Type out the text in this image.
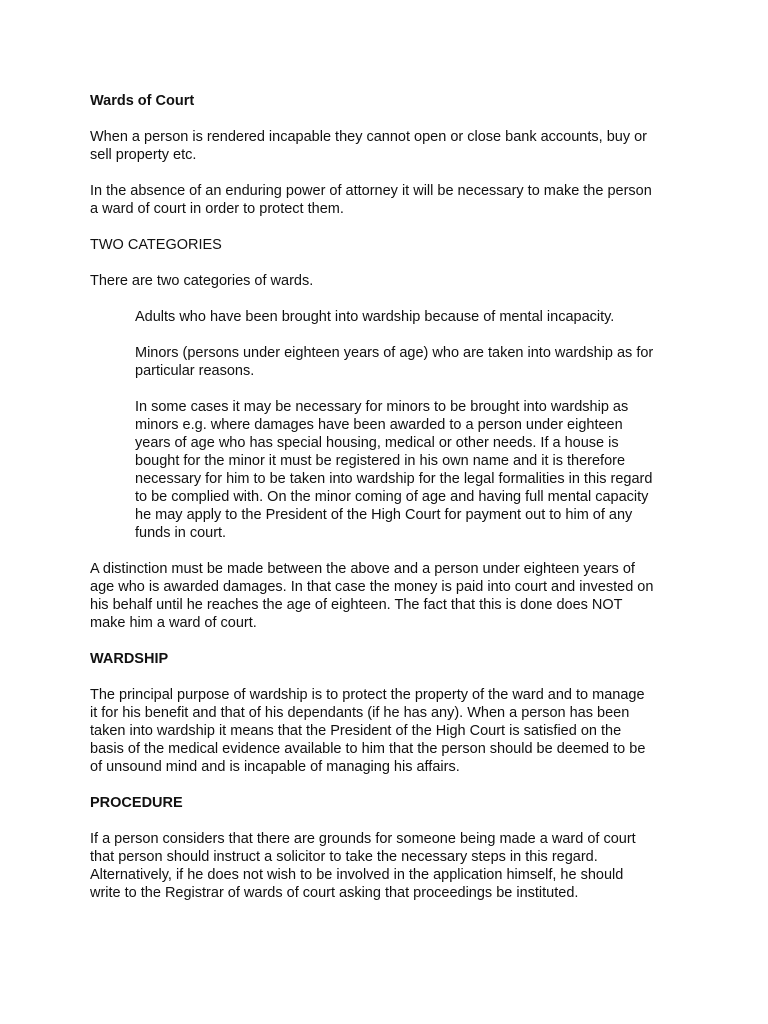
Wards of Court
When a person is rendered incapable they cannot open or close bank accounts, buy or
sell property etc.
In the absence of an enduring power of attorney it will be necessary to make the person
a ward of court in order to protect them.
TWO CATEGORIES
There are two categories of wards.
Adults who have been brought into wardship because of mental incapacity.
Minors (persons under eighteen years of age) who are taken into wardship as for
particular reasons.
In some cases it may be necessary for minors to be brought into wardship as
minors e.g. where damages have been awarded to a person under eighteen
years of age who has special housing, medical or other needs. If a house is
bought for the minor it must be registered in his own name and it is therefore
necessary for him to be taken into wardship for the legal formalities in this regard
to be complied with. On the minor coming of age and having full mental capacity
he may apply to the President of the High Court for payment out to him of any
funds in court.
A distinction must be made between the above and a person under eighteen years of
age who is awarded damages. In that case the money is paid into court and invested on
his behalf until he reaches the age of eighteen. The fact that this is done does NOT
make him a ward of court.
WARDSHIP
The principal purpose of wardship is to protect the property of the ward and to manage
it for his benefit and that of his dependants (if he has any). When a person has been
taken into wardship it means that the President of the High Court is satisfied on the
basis of the medical evidence available to him that the person should be deemed to be
of unsound mind and is incapable of managing his affairs.
PROCEDURE
If a person considers that there are grounds for someone being made a ward of court
that person should instruct a solicitor to take the necessary steps in this regard.
Alternatively, if he does not wish to be involved in the application himself, he should
write to the Registrar of wards of court asking that proceedings be instituted.
